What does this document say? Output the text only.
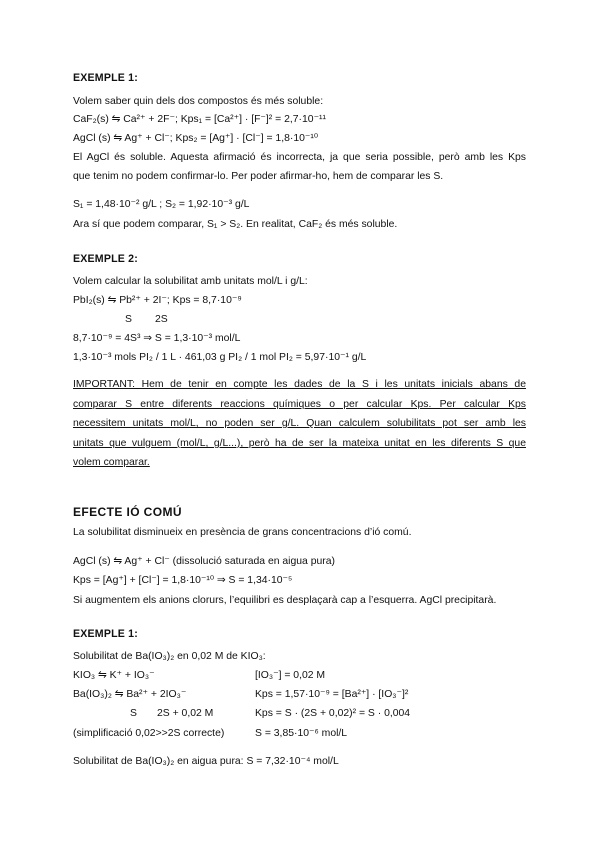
EXEMPLE 1:
Volem saber quin dels dos compostos és més soluble:
CaF₂(s) ⇋ Ca²⁺ + 2F⁻; Kps₁ = [Ca²⁺] · [F⁻]² = 2,7·10⁻¹¹
AgCl (s) ⇋ Ag⁺ + Cl⁻; Kps₂ = [Ag⁺] · [Cl⁻] = 1,8·10⁻¹⁰
El AgCl és soluble. Aquesta afirmació és incorrecta, ja que seria possible, però amb les Kps
que tenim no podem confirmar-lo. Per poder afirmar-ho, hem de comparar les S.
S₁ = 1,48·10⁻² g/L ; S₂ = 1,92·10⁻³ g/L
Ara sí que podem comparar, S₁ > S₂. En realitat, CaF₂ és més soluble.
EXEMPLE 2:
Volem calcular la solubilitat amb unitats mol/L i g/L:
PbI₂(s) ⇋ Pb²⁺ + 2I⁻; Kps = 8,7·10⁻⁹
S 2S
8,7·10⁻⁹ = 4S³ ⇒ S = 1,3·10⁻³ mol/L
1,3·10⁻³ mols PI₂ / 1 L · 461,03 g PI₂ / 1 mol PI₂ = 5,97·10⁻¹ g/L
IMPORTANT: Hem de tenir en compte les dades de la S i les unitats inicials abans de
comparar S entre diferents reaccions químiques o per calcular Kps. Per calcular Kps
necessitem unitats mol/L, no poden ser g/L. Quan calculem solubilitats pot ser amb les
unitats que vulguem (mol/L, g/L...), però ha de ser la mateixa unitat en les diferents S que
volem comparar.
EFECTE IÓ COMÚ
La solubilitat disminueix en presència de grans concentracions d’ió comú.
AgCl (s) ⇋ Ag⁺ + Cl⁻ (dissolució saturada en aigua pura)
Kps = [Ag⁺] + [Cl⁻] = 1,8·10⁻¹⁰ ⇒ S = 1,34·10⁻⁵
Si augmentem els anions clorurs, l’equilibri es desplaçarà cap a l’esquerra. AgCl precipitarà.
EXEMPLE 1:
Solubilitat de Ba(IO₃)₂ en 0,02 M de KIO₃:
KIO₃ ⇋ K⁺ + IO₃⁻	[IO₃⁻] = 0,02 M
Ba(IO₃)₂ ⇋ Ba²⁺ + 2IO₃⁻	Kps = 1,57·10⁻⁹ = [Ba²⁺] · [IO₃⁻]²
S 2S + 0,02 M	Kps = S · (2S + 0,02)² = S · 0,004
(simplificació 0,02>>2S correcte)	S = 3,85·10⁻⁶ mol/L
Solubilitat de Ba(IO₃)₂ en aigua pura: S = 7,32·10⁻⁴ mol/L
